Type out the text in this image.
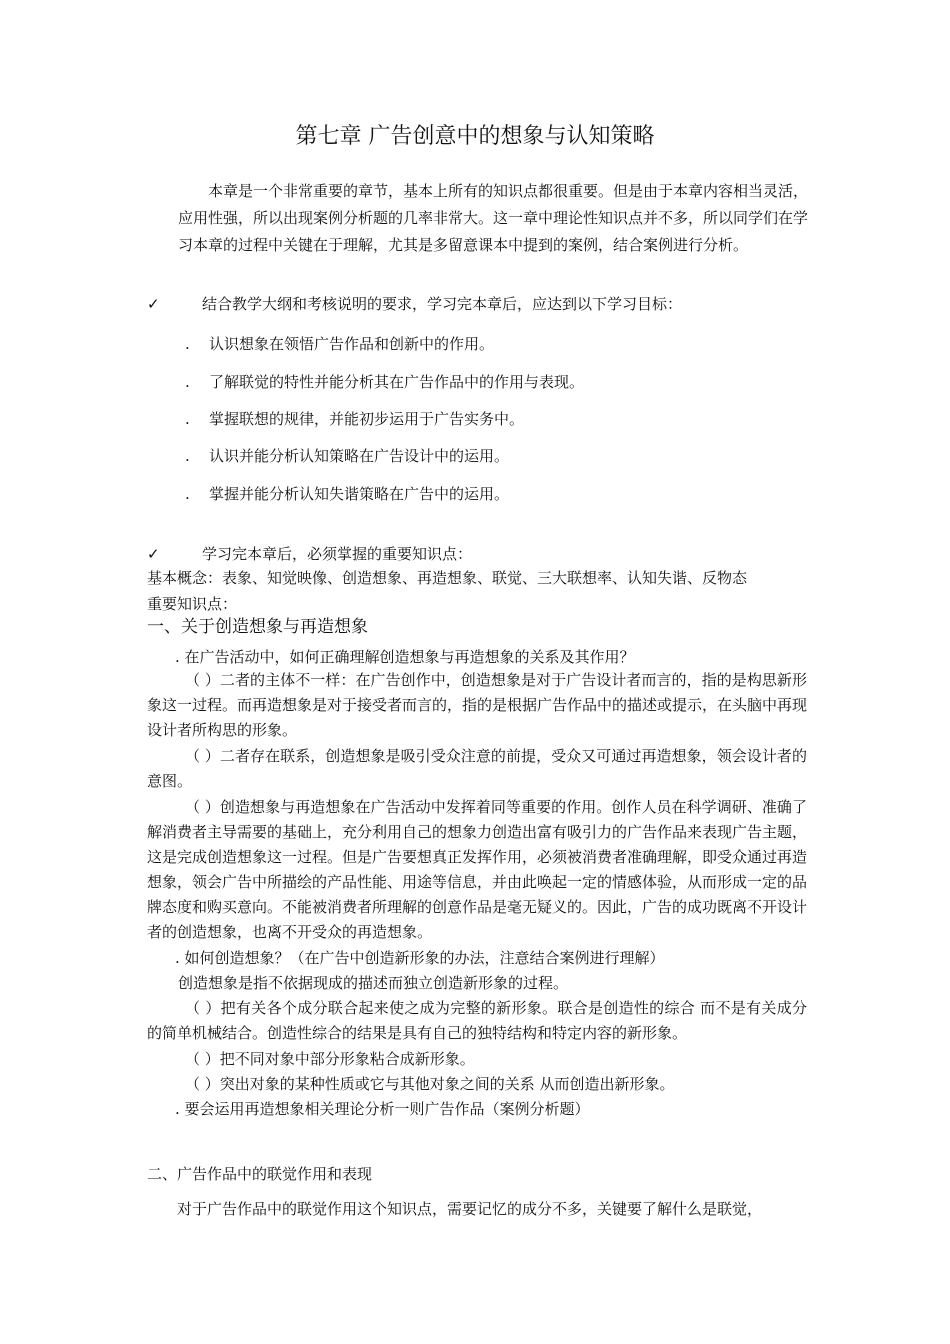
第七章 广告创意中的想象与认知策略
本章是一个非常重要的章节，基本上所有的知识点都很重要。但是由于本章内容相当灵活，应用性强，所以出现案例分析题的几率非常大。这一章中理论性知识点并不多，所以同学们在学习本章的过程中关键在于理解，尤其是多留意课本中提到的案例，结合案例进行分析。
✓	结合教学大纲和考核说明的要求，学习完本章后，应达到以下学习目标：
. 认识想象在领悟广告作品和创新中的作用。
. 了解联觉的特性并能分析其在广告作品中的作用与表现。
. 掌握联想的规律，并能初步运用于广告实务中。
. 认识并能分析认知策略在广告设计中的运用。
. 掌握并能分析认知失谐策略在广告中的运用。
✓	学习完本章后，必须掌握的重要知识点：
基本概念：表象、知觉映像、创造想象、再造想象、联觉、三大联想率、认知失谐、反物态
重要知识点：
一、关于创造想象与再造想象
. 在广告活动中，如何正确理解创造想象与再造想象的关系及其作用？
（ ）二者的主体不一样：在广告创作中，创造想象是对于广告设计者而言的，指的是构思新形象这一过程。而再造想象是对于接受者而言的，指的是根据广告作品中的描述或提示，在头脑中再现设计者所构思的形象。
（ ）二者存在联系，创造想象是吸引受众注意的前提，受众又可通过再造想象，领会设计者的意图。
（ ）创造想象与再造想象在广告活动中发挥着同等重要的作用。创作人员在科学调研、准确了解消费者主导需要的基础上，充分利用自己的想象力创造出富有吸引力的广告作品来表现广告主题，这是完成创造想象这一过程。但是广告要想真正发挥作用，必须被消费者准确理解，即受众通过再造想象，领会广告中所描绘的产品性能、用途等信息，并由此唤起一定的情感体验，从而形成一定的品牌态度和购买意向。不能被消费者所理解的创意作品是毫无疑义的。因此，广告的成功既离不开设计者的创造想象，也离不开受众的再造想象。
. 如何创造想象？（在广告中创造新形象的办法，注意结合案例进行理解）
创造想象是指不依据现成的描述而独立创造新形象的过程。
（ ）把有关各个成分联合起来使之成为完整的新形象。联合是创造性的综合 而不是有关成分的简单机械结合。创造性综合的结果是具有自己的独特结构和特定内容的新形象。
（ ）把不同对象中部分形象粘合成新形象。
（ ）突出对象的某种性质或它与其他对象之间的关系 从而创造出新形象。
. 要会运用再造想象相关理论分析一则广告作品（案例分析题）
二、广告作品中的联觉作用和表现
对于广告作品中的联觉作用这个知识点，需要记忆的成分不多，关键要了解什么是联觉，
